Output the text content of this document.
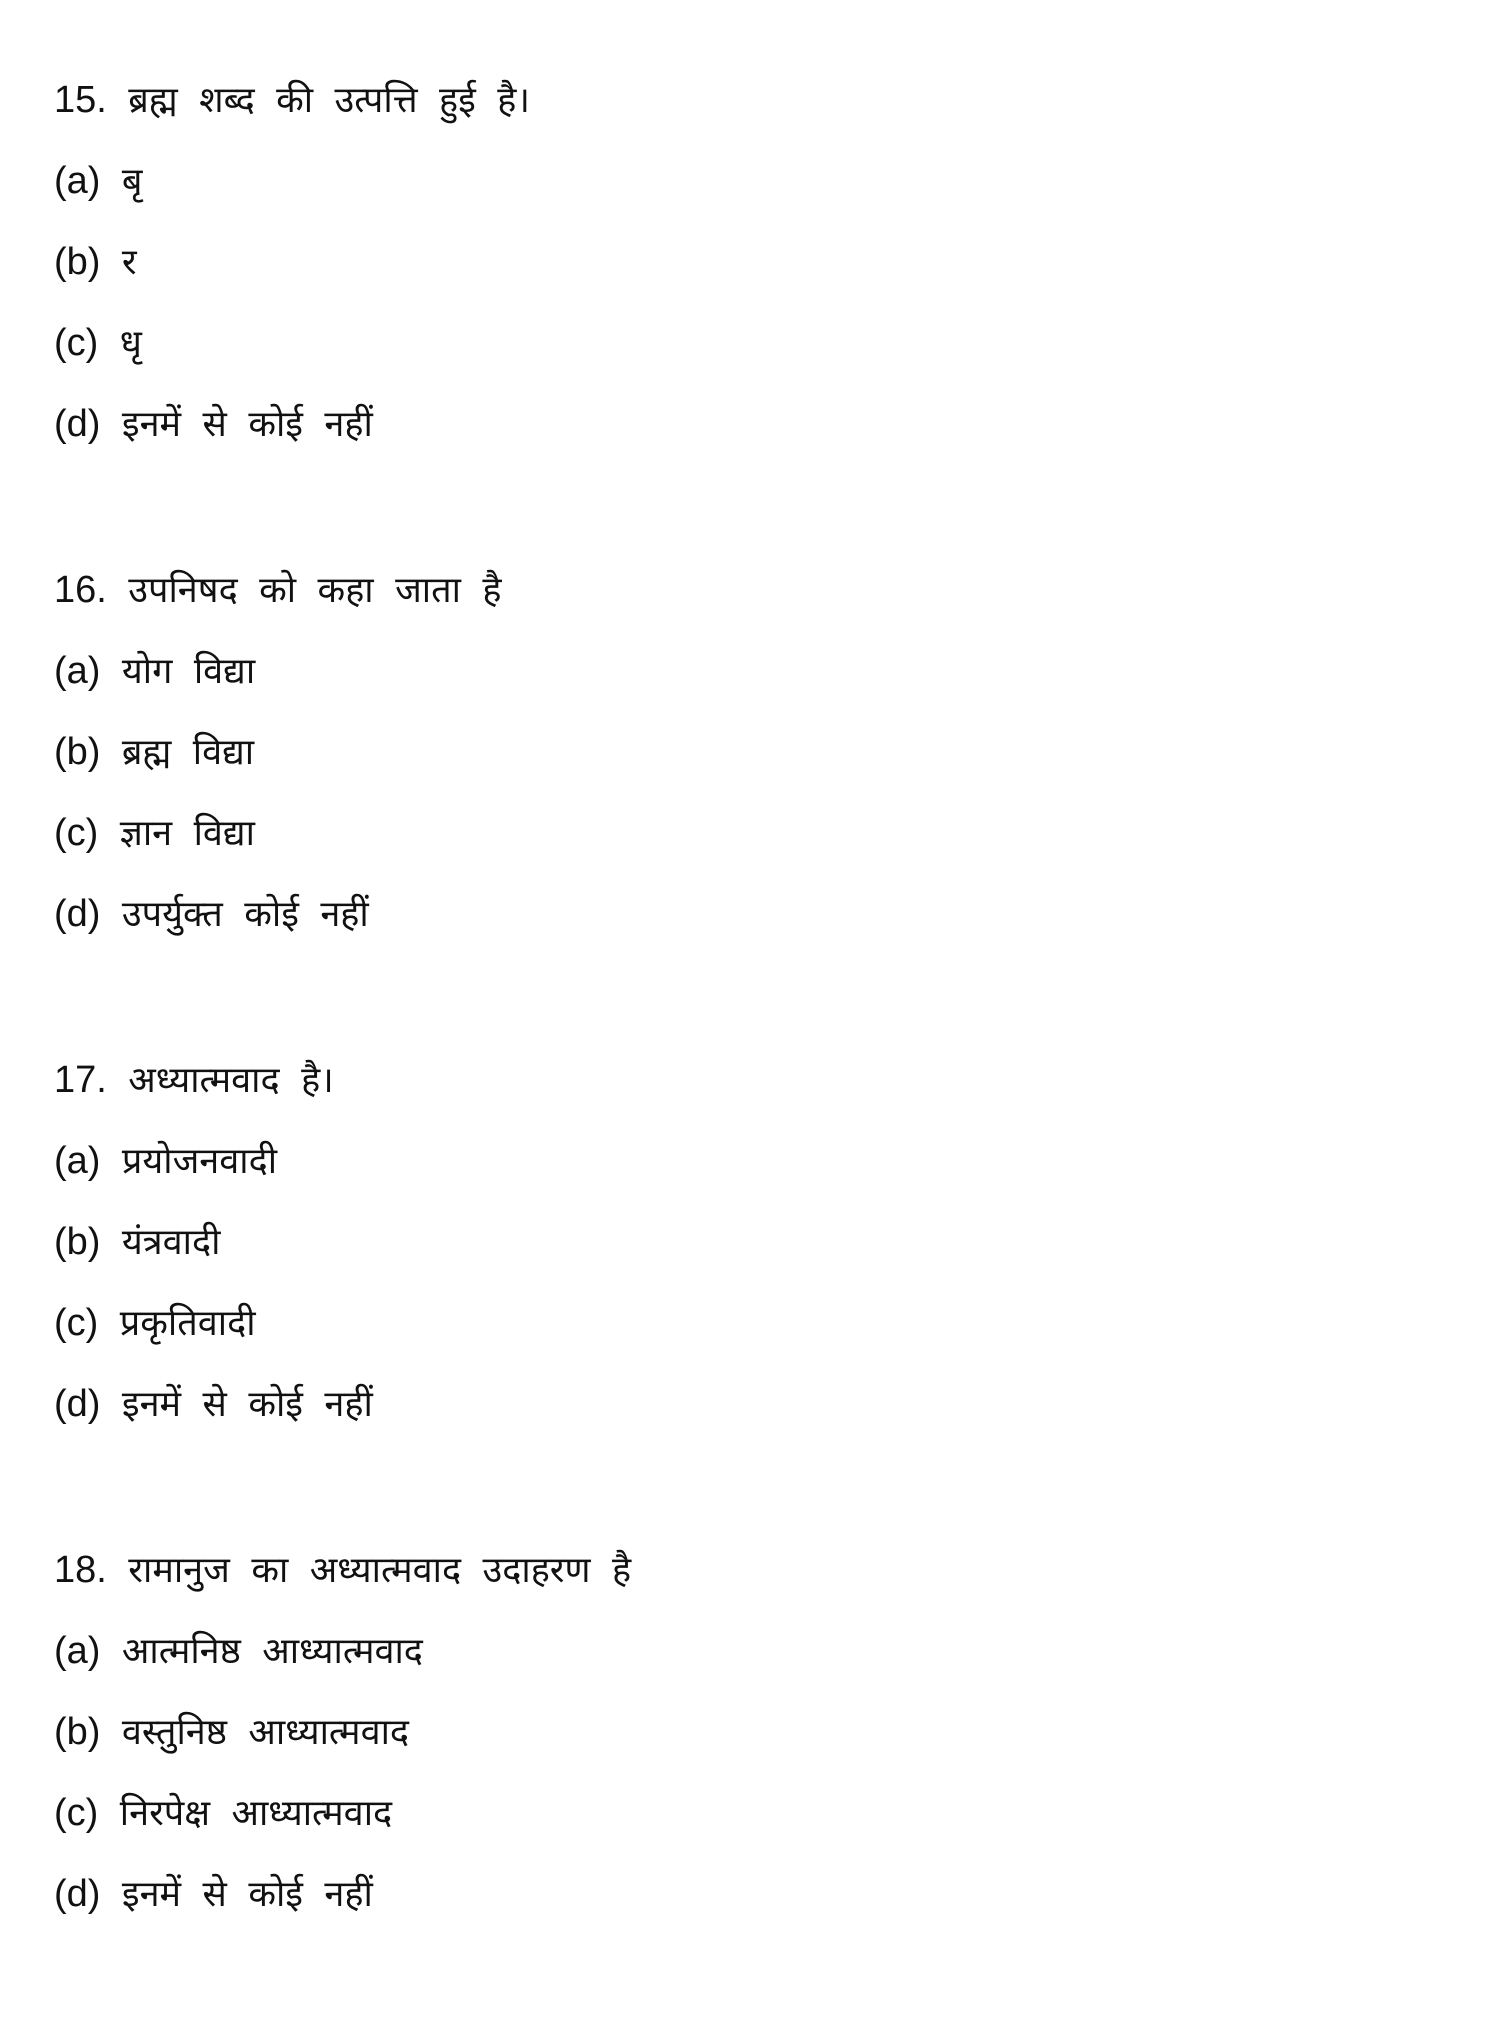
15. ब्रह्म शब्द की उत्पत्ति हुई है।
(a) बृ
(b) र
(c) धृ
(d) इनमें से कोई नहीं
16. उपनिषद को कहा जाता है
(a) योग विद्या
(b) ब्रह्म विद्या
(c) ज्ञान विद्या
(d) उपर्युक्त कोई नहीं
17. अध्यात्मवाद है।
(a) प्रयोजनवादी
(b) यंत्रवादी
(c) प्रकृतिवादी
(d) इनमें से कोई नहीं
18. रामानुज का अध्यात्मवाद उदाहरण है
(a) आत्मनिष्ठ आध्यात्मवाद
(b) वस्तुनिष्ठ आध्यात्मवाद
(c) निरपेक्ष आध्यात्मवाद
(d) इनमें से कोई नहीं
